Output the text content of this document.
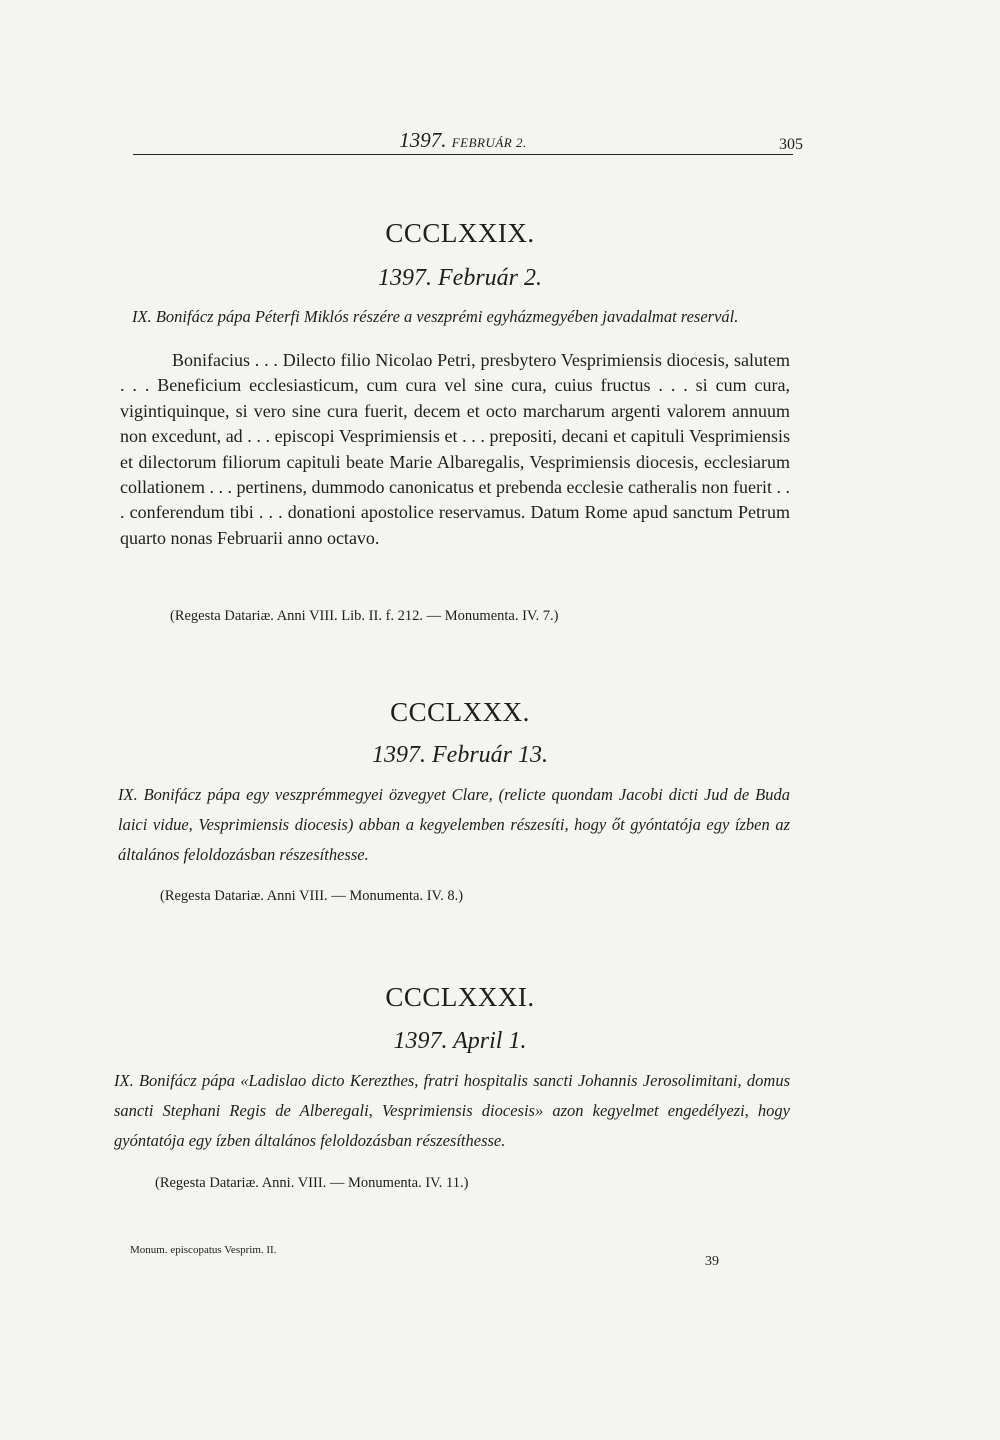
1397. FEBRUÁR 2.	305
CCCLXXIX.
1397. Február 2.

IX. Bonifácz pápa Péterfi Miklós részére a veszprémi egyházmegyében javadalmat reservál.

Bonifacius . . . Dilecto filio Nicolao Petri, presbytero Vesprimiensis diocesis, salutem . . . Beneficium ecclesiasticum, cum cura vel sine cura, cuius fructus . . . si cum cura, vigintiquinque, si vero sine cura fuerit, decem et octo marcharum argenti valorem annuum non excedunt, ad . . . episcopi Vesprimiensis et . . . prepositi, decani et capituli Vesprimiensis et dilectorum filiorum capituli beate Marie Albaregalis, Vesprimiensis diocesis, ecclesiarum collationem . . . pertinens, dummodo canonicatus et prebenda ecclesie catheralis non fuerit . . . conferendum tibi . . . donationi apostolice reservamus. Datum Rome apud sanctum Petrum quarto nonas Februarii anno octavo.

(Regesta Datariæ. Anni VIII. Lib. II. f. 212. — Monumenta. IV. 7.)
CCCLXXX.
1397. Február 13.

IX. Bonifácz pápa egy veszprémmegyei özvegyet Clare, (relicte quondam Jacobi dicti Jud de Buda laici vidue, Vesprimiensis diocesis) abban a kegyelemben részesíti, hogy őt gyóntatója egy ízben az általános feloldozásban részesíthesse.

(Regesta Datariæ. Anni VIII. — Monumenta. IV. 8.)
CCCLXXXI.
1397. April 1.

IX. Bonifácz pápa «Ladislao dicto Kerezthes, fratri hospitalis sancti Johannis Jerosolimitani, domus sancti Stephani Regis de Alberegali, Vesprimiensis diocesis» azon kegyelmet engedélyezi, hogy gyóntatója egy ízben általános feloldozásban részesíthesse.

(Regesta Datariæ. Anni. VIII. — Monumenta. IV. 11.)
Monum. episcopatus Vesprim. II.
39
